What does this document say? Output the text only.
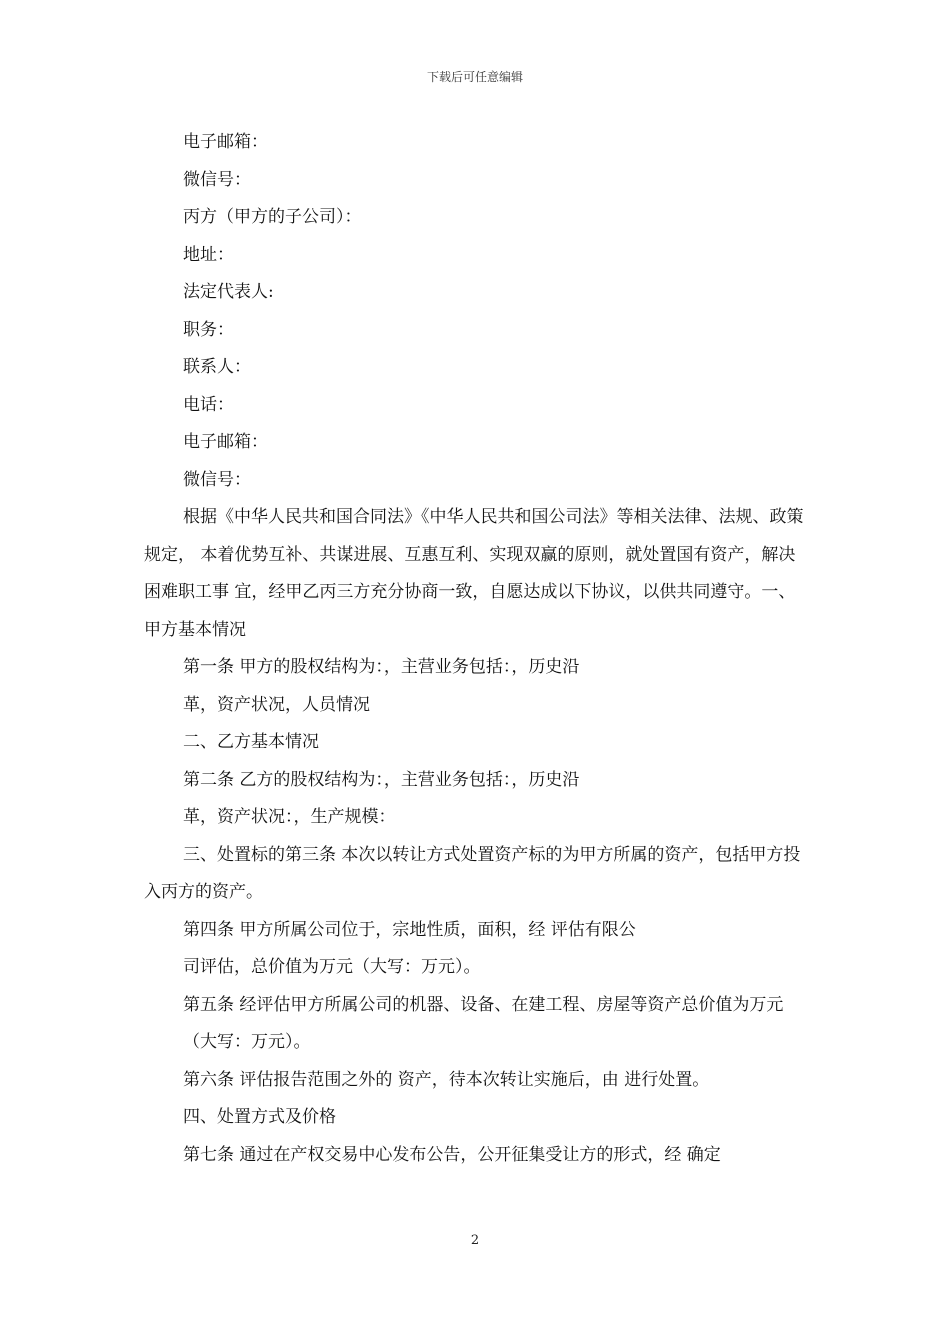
下载后可任意编辑

电子邮箱：

微信号：

丙方（甲方的子公司）：

地址：

法定代表人:

职务：

联系人：

电话：

电子邮箱：

微信号：

根据《中华人民共和国合同法》《中华人民共和国公司法》等相关法律、法规、政策规定， 本着优势互补、共谋进展、互惠互利、实现双赢的原则，就处置国有资产，解决困难职工事 宜，经甲乙丙三方充分协商一致，自愿达成以下协议，以供共同遵守。一、甲方基本情况

第一条 甲方的股权结构为：，主营业务包括：，历史沿

革，资产状况，人员情况

二、乙方基本情况

第二条 乙方的股权结构为：，主营业务包括：，历史沿

革，资产状况：，生产规模：

三、处置标的第三条 本次以转让方式处置资产标的为甲方所属的资产，包括甲方投入丙方的资产。

第四条 甲方所属公司位于，宗地性质，面积，经 评估有限公

司评估，总价值为万元（大写：万元）。

第五条 经评估甲方所属公司的机器、设备、在建工程、房屋等资产总价值为万元

（大写：万元）。

第六条 评估报告范围之外的 资产，待本次转让实施后，由 进行处置。

四、处置方式及价格

第七条 通过在产权交易中心发布公告，公开征集受让方的形式，经 确定

2
